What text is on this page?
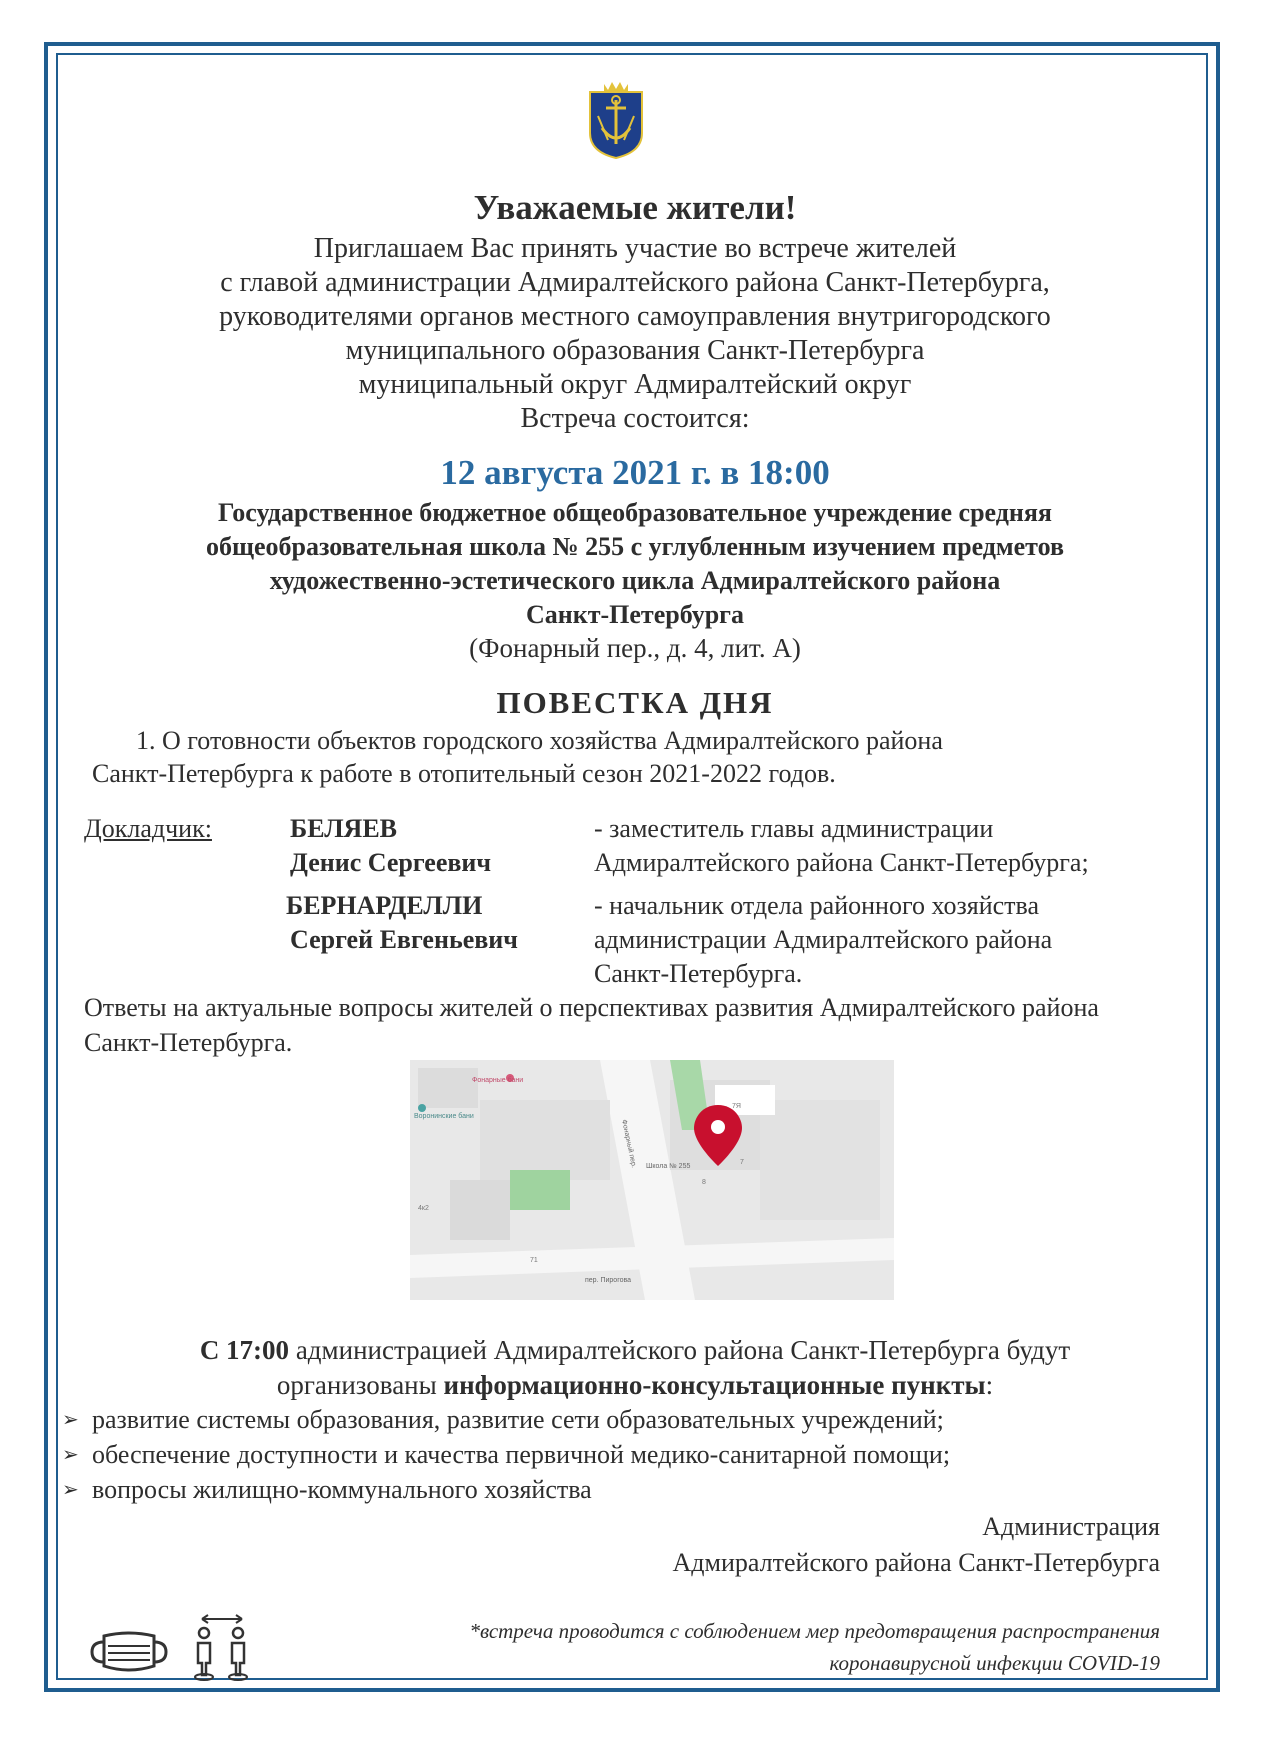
Уважаемые жители!
Приглашаем Вас принять участие во встрече жителей
с главой администрации Адмиралтейского района Санкт-Петербурга,
руководителями органов местного самоуправления внутригородского
муниципального образования Санкт-Петербурга
муниципальный округ Адмиралтейский округ
Встреча состоится:
12 августа 2021 г. в 18:00
Государственное бюджетное общеобразовательное учреждение средняя
общеобразовательная школа № 255 с углубленным изучением предметов
художественно-эстетического цикла Адмиралтейского района
Санкт-Петербурга
(Фонарный пер., д. 4, лит. А)
ПОВЕСТКА ДНЯ
1. О готовности объектов городского хозяйства Адмиралтейского района
Санкт-Петербурга к работе в отопительный сезон 2021-2022 годов.
Докладчик:	БЕЛЯЕВ
Денис Сергеевич
- заместитель главы администрации
Адмиралтейского района Санкт-Петербурга;
БЕРНАРДЕЛЛИ
Сергей Евгеньевич
- начальник отдела районного хозяйства
администрации Адмиралтейского района
Санкт-Петербурга.
Ответы на актуальные вопросы жителей о перспективах развития Адмиралтейского района Санкт-Петербурга.
Фонарные бани
Воронинские бани
Фонарный пер. Школа № 255
7Я
7
8
4к2
71
пер. Пирогова
С 17:00 администрацией Адмиралтейского района Санкт-Петербурга будут
организованы информационно-консультационные пункты:
➢ развитие системы образования, развитие сети образовательных учреждений;
➢ обеспечение доступности и качества первичной медико-санитарной помощи;
➢ вопросы жилищно-коммунального хозяйства
Администрация
Адмиралтейского района Санкт-Петербурга
*встреча проводится с соблюдением мер предотвращения распространения
коронавирусной инфекции COVID-19
